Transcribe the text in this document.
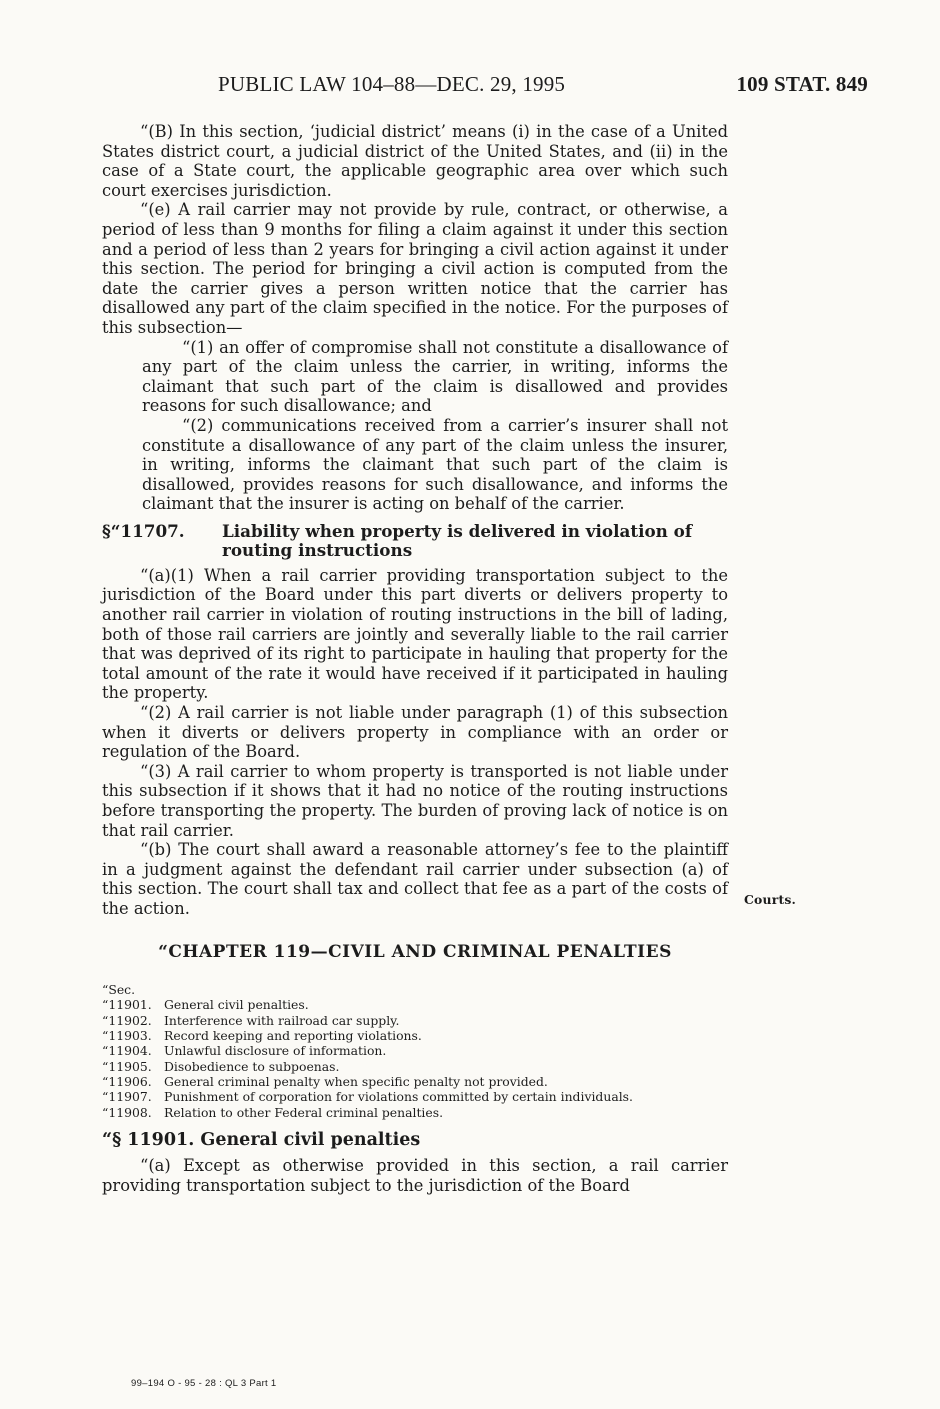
PUBLIC LAW 104–88—DEC. 29, 1995	109 STAT. 849

“(B) In this section, ‘judicial district’ means (i) in the case of a United States district court, a judicial district of the United States, and (ii) in the case of a State court, the applicable geographic area over which such court exercises jurisdiction.

“(e) A rail carrier may not provide by rule, contract, or otherwise, a period of less than 9 months for filing a claim against it under this section and a period of less than 2 years for bringing a civil action against it under this section. The period for bringing a civil action is computed from the date the carrier gives a person written notice that the carrier has disallowed any part of the claim specified in the notice. For the purposes of this subsection—

“(1) an offer of compromise shall not constitute a disallowance of any part of the claim unless the carrier, in writing, informs the claimant that such part of the claim is disallowed and provides reasons for such disallowance; and

“(2) communications received from a carrier’s insurer shall not constitute a disallowance of any part of the claim unless the insurer, in writing, informs the claimant that such part of the claim is disallowed, provides reasons for such disallowance, and informs the claimant that the insurer is acting on behalf of the carrier.

§“11707. Liability when property is delivered in violation of routing instructions

“(a)(1) When a rail carrier providing transportation subject to the jurisdiction of the Board under this part diverts or delivers property to another rail carrier in violation of routing instructions in the bill of lading, both of those rail carriers are jointly and severally liable to the rail carrier that was deprived of its right to participate in hauling that property for the total amount of the rate it would have received if it participated in hauling the property.

“(2) A rail carrier is not liable under paragraph (1) of this subsection when it diverts or delivers property in compliance with an order or regulation of the Board.

“(3) A rail carrier to whom property is transported is not liable under this subsection if it shows that it had no notice of the routing instructions before transporting the property. The burden of proving lack of notice is on that rail carrier.

“(b) The court shall award a reasonable attorney’s fee to the plaintiff in a judgment against the defendant rail carrier under subsection (a) of this section. The court shall tax and collect that fee as a part of the costs of the action.

“CHAPTER 119—CIVIL AND CRIMINAL PENALTIES
“Sec.
“11901. General civil penalties.
“11902. Interference with railroad car supply.
“11903. Record keeping and reporting violations.
“11904. Unlawful disclosure of information.
“11905. Disobedience to subpoenas.
“11906. General criminal penalty when specific penalty not provided.
“11907. Punishment of corporation for violations committed by certain individuals.
“11908. Relation to other Federal criminal penalties.
“§ 11901. General civil penalties

“(a) Except as otherwise provided in this section, a rail carrier providing transportation subject to the jurisdiction of the Board

Courts.
99–194 O - 95 - 28 : QL 3 Part 1
